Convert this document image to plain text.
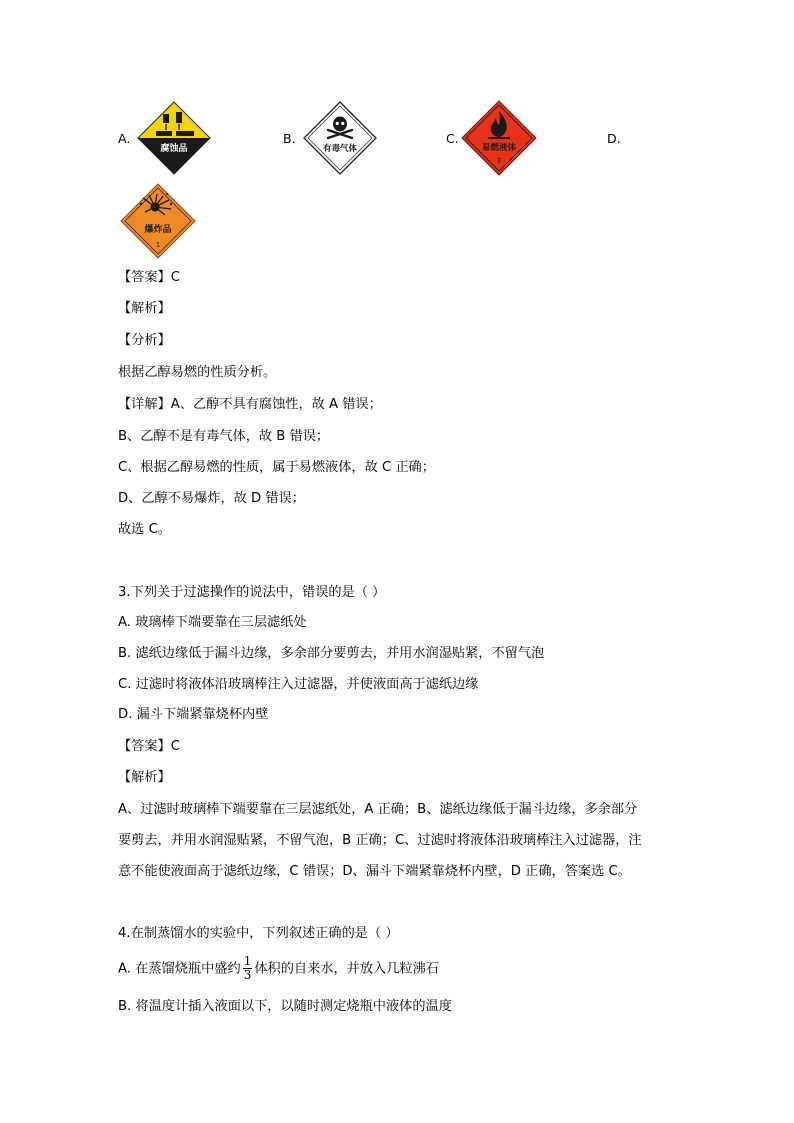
A.	B.	C.	D.
腐蚀品	有毒气体	易燃液体
3
爆炸品
1
【答案】C
【解析】
【分析】
根据乙醇易燃的性质分析。
【详解】A、乙醇不具有腐蚀性，故 A 错误；
B、乙醇不是有毒气体，故 B 错误；
C、根据乙醇易燃的性质，属于易燃液体，故 C 正确；
D、乙醇不易爆炸，故 D 错误；
故选 C。
3.下列关于过滤操作的说法中，错误的是（ ）
A. 玻璃棒下端要靠在三层滤纸处
B. 滤纸边缘低于漏斗边缘，多余部分要剪去，并用水润湿贴紧，不留气泡
C. 过滤时将液体沿玻璃棒注入过滤器，并使液面高于滤纸边缘
D. 漏斗下端紧靠烧杯内壁
【答案】C
【解析】
A、过滤时玻璃棒下端要靠在三层滤纸处，A 正确；B、滤纸边缘低于漏斗边缘，多余部分
要剪去，并用水润湿贴紧，不留气泡，B 正确；C、过滤时将液体沿玻璃棒注入过滤器，注
意不能使液面高于滤纸边缘，C 错误；D、漏斗下端紧靠烧杯内壁，D 正确，答案选 C。
4.在制蒸馏水的实验中，下列叙述正确的是（ ）
A. 在蒸馏烧瓶中盛约 $\frac{1}{3}$ 体积的自来水，并放入几粒沸石
B. 将温度计插入液面以下，以随时测定烧瓶中液体的温度
